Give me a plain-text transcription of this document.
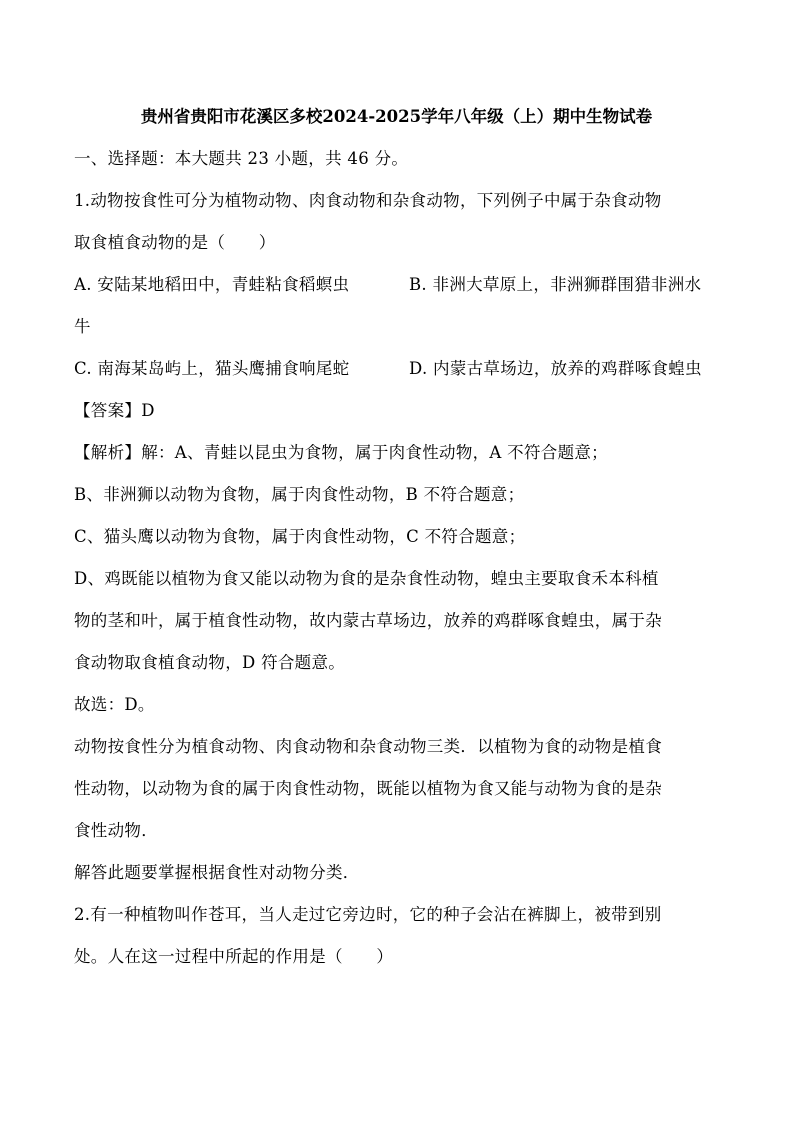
贵州省贵阳市花溪区多校2024-2025学年八年级（上）期中生物试卷
一、选择题：本大题共 23 小题，共 46 分。
1.动物按食性可分为植物动物、肉食动物和杂食动物，下列例子中属于杂食动物
取食植食动物的是（　　）
A. 安陆某地稻田中，青蛙粘食稻螟虫	B. 非洲大草原上，非洲狮群围猎非洲水
牛
C. 南海某岛屿上，猫头鹰捕食响尾蛇	D. 内蒙古草场边，放养的鸡群啄食蝗虫
【答案】D
【解析】解：A、青蛙以昆虫为食物，属于肉食性动物，A 不符合题意；
B、非洲狮以动物为食物，属于肉食性动物，B 不符合题意；
C、猫头鹰以动物为食物，属于肉食性动物，C 不符合题意；
D、鸡既能以植物为食又能以动物为食的是杂食性动物，蝗虫主要取食禾本科植
物的茎和叶，属于植食性动物，故内蒙古草场边，放养的鸡群啄食蝗虫，属于杂
食动物取食植食动物，D 符合题意。
故选：D。
动物按食性分为植食动物、肉食动物和杂食动物三类．以植物为食的动物是植食
性动物，以动物为食的属于肉食性动物，既能以植物为食又能与动物为食的是杂
食性动物．
解答此题要掌握根据食性对动物分类．
2.有一种植物叫作苍耳，当人走过它旁边时，它的种子会沾在裤脚上，被带到别
处。人在这一过程中所起的作用是（　　）
